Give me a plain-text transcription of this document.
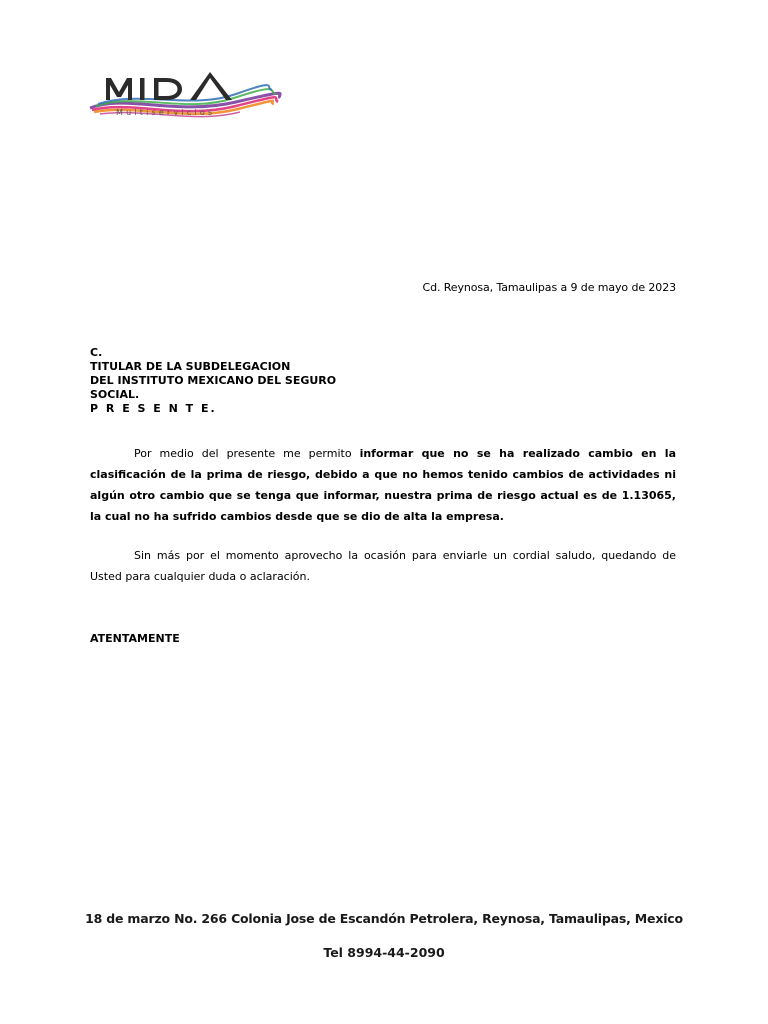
Multiservicios
Cd. Reynosa, Tamaulipas a 9 de mayo de 2023
C.
TITULAR DE LA SUBDELEGACION
DEL INSTITUTO MEXICANO DEL SEGURO
SOCIAL.
P R E S E N T E.
Por medio del presente me permito informar que no se ha realizado cambio en la clasificación de la prima de riesgo, debido a que no hemos tenido cambios de actividades ni algún otro cambio que se tenga que informar, nuestra prima de riesgo actual es de 1.13065, la cual no ha sufrido cambios desde que se dio de alta la empresa.
Sin más por el momento aprovecho la ocasión para enviarle un cordial saludo, quedando de Usted para cualquier duda o aclaración.
ATENTAMENTE
18 de marzo No. 266 Colonia Jose de Escandón Petrolera, Reynosa, Tamaulipas, Mexico
Tel 8994-44-2090
